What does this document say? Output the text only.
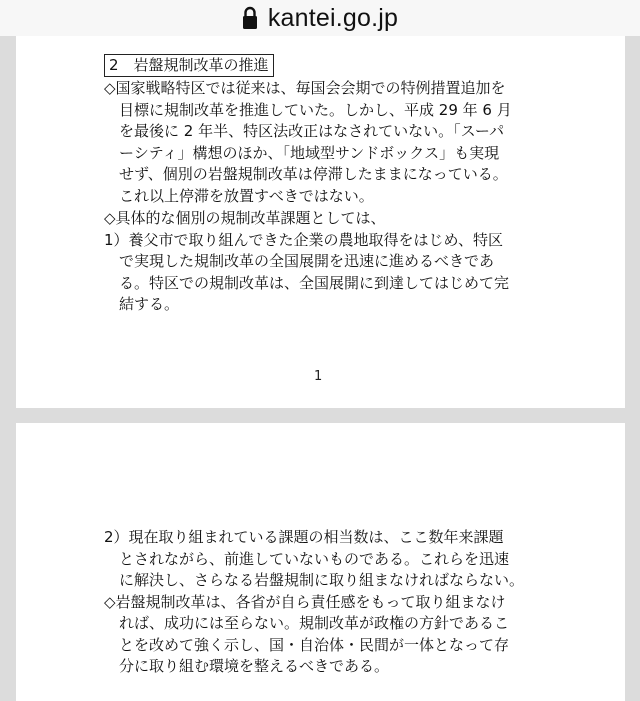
kantei.go.jp
2　岩盤規制改革の推進
◇国家戦略特区では従来は、毎国会会期での特例措置追加を
　目標に規制改革を推進していた。しかし、平成 29 年 6 月
　を最後に 2 年半、特区法改正はなされていない。「スーパ
　ーシティ」構想のほか、「地域型サンドボックス」も実現
　せず、個別の岩盤規制改革は停滞したままになっている。
　これ以上停滞を放置すべきではない。
◇具体的な個別の規制改革課題としては、
1）養父市で取り組んできた企業の農地取得をはじめ、特区
　で実現した規制改革の全国展開を迅速に進めるべきであ
　る。特区での規制改革は、全国展開に到達してはじめて完
　結する。
1
2）現在取り組まれている課題の相当数は、ここ数年来課題
　とされながら、前進していないものである。これらを迅速
　に解決し、さらなる岩盤規制に取り組まなければならない。
◇岩盤規制改革は、各省が自ら責任感をもって取り組まなけ
　れば、成功には至らない。規制改革が政権の方針であるこ
　とを改めて強く示し、国・自治体・民間が一体となって存
　分に取り組む環境を整えるべきである。
